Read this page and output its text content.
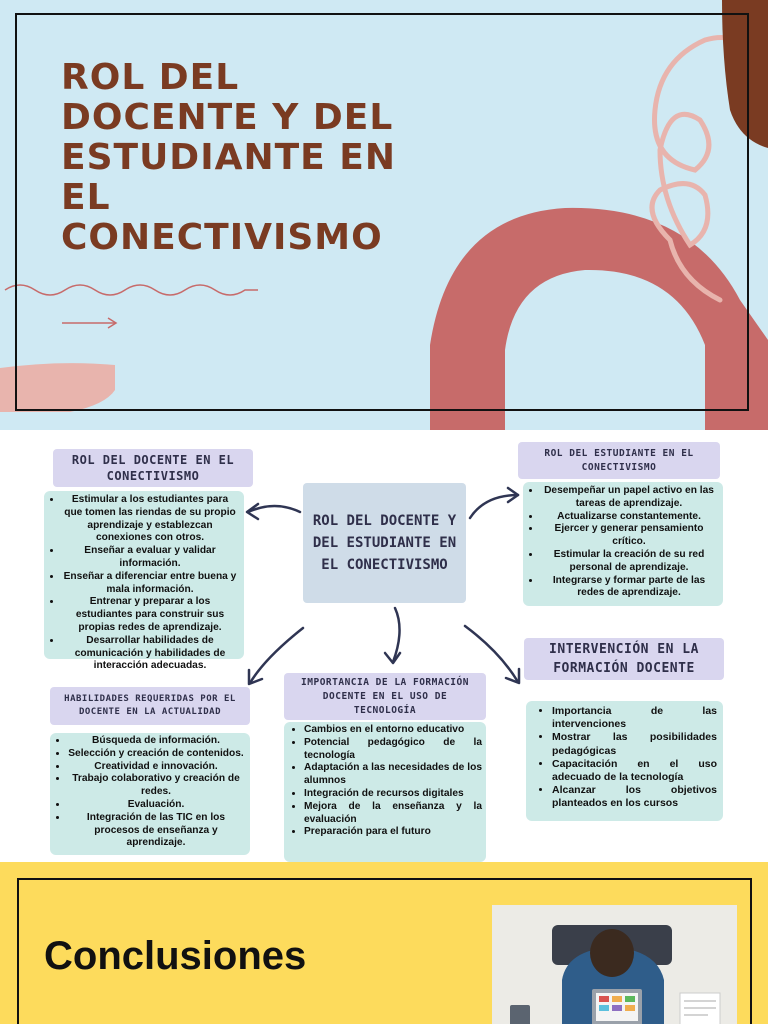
ROL DEL DOCENTE Y DEL ESTUDIANTE EN EL CONECTIVISMO
ROL DEL DOCENTE Y DEL ESTUDIANTE EN EL CONECTIVISMO
ROL DEL DOCENTE EN EL CONECTIVISMO
• Estimular a los estudiantes para que tomen las riendas de su propio aprendizaje y establezcan conexiones con otros.
• Enseñar a evaluar y validar información.
• Enseñar a diferenciar entre buena y mala información.
• Entrenar y preparar a los estudiantes para construir sus propias redes de aprendizaje.
• Desarrollar habilidades de comunicación y habilidades de interacción adecuadas.
ROL DEL ESTUDIANTE EN EL CONECTIVISMO
• Desempeñar un papel activo en las tareas de aprendizaje.
• Actualizarse constantemente.
• Ejercer y generar pensamiento crítico.
• Estimular la creación de su red personal de aprendizaje.
• Integrarse y formar parte de las redes de aprendizaje.
HABILIDADES REQUERIDAS POR EL DOCENTE EN LA ACTUALIDAD
• Búsqueda de información.
• Selección y creación de contenidos.
• Creatividad e innovación.
• Trabajo colaborativo y creación de redes.
• Evaluación.
• Integración de las TIC en los procesos de enseñanza y aprendizaje.
IMPORTANCIA DE LA FORMACIÓN DOCENTE EN EL USO DE TECNOLOGÍA
• Cambios en el entorno educativo
• Potencial pedagógico de la tecnología
• Adaptación a las necesidades de los alumnos
• Integración de recursos digitales
• Mejora de la enseñanza y la evaluación
• Preparación para el futuro
INTERVENCIÓN EN LA FORMACIÓN DOCENTE
• Importancia de las intervenciones
• Mostrar las posibilidades pedagógicas
• Capacitación en el uso adecuado de la tecnología
• Alcanzar los objetivos planteados en los cursos
Conclusiones
